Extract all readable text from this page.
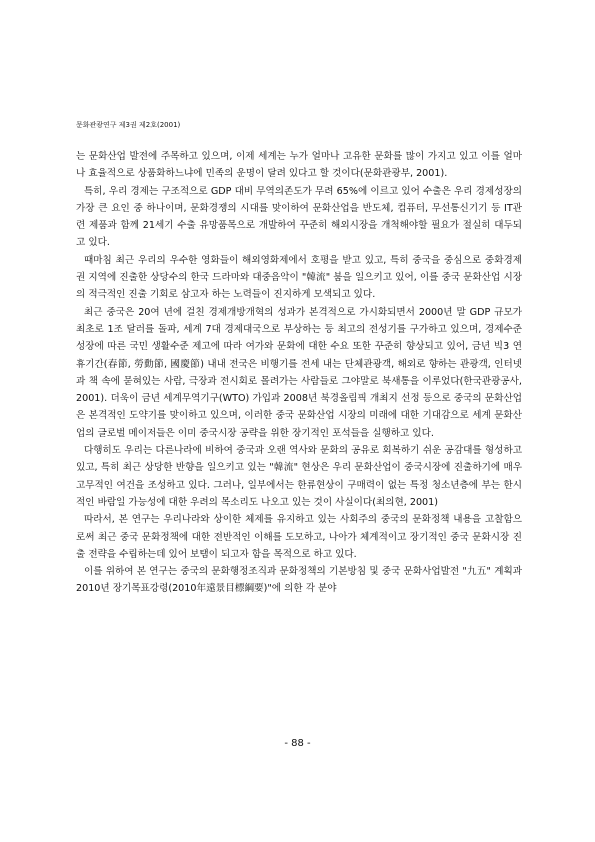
문화관광연구 제3권 제2호(2001)

는 문화산업 발전에 주목하고 있으며, 이제 세계는 누가 얼마나 고유한 문화를 많이 가지고 있고 이를 얼마나 효율적으로 상품화하느냐에 민족의 운명이 달려 있다고 할 것이다(문화관광부, 2001).

특히, 우리 경제는 구조적으로 GDP 대비 무역의존도가 무려 65%에 이르고 있어 수출은 우리 경제성장의 가장 큰 요인 중 하나이며, 문화경쟁의 시대를 맞이하여 문화산업을 반도체, 컴퓨터, 무선통신기기 등 IT관련 제품과 함께 21세기 수출 유망품목으로 개발하여 꾸준히 해외시장을 개척해야할 필요가 절실히 대두되고 있다.

때마침 최근 우리의 우수한 영화들이 해외영화제에서 호평을 받고 있고, 특히 중국을 중심으로 중화경제권 지역에 진출한 상당수의 한국 드라마와 대중음악이 "韓流" 붐을 일으키고 있어, 이를 중국 문화산업 시장의 적극적인 진출 기회로 삼고자 하는 노력들이 진지하게 모색되고 있다.

최근 중국은 20여 년에 걸친 경제개방개혁의 성과가 본격적으로 가시화되면서 2000년 말 GDP 규모가 최초로 1조 달러를 돌파, 세계 7대 경제대국으로 부상하는 등 최고의 전성기를 구가하고 있으며, 경제수준 성장에 따른 국민 생활수준 제고에 따라 여가와 문화에 대한 수요 또한 꾸준히 향상되고 있어, 금년 빅3 연휴기간(春節, 勞動節, 國慶節) 내내 전국은 비행기를 전세 내는 단체관광객, 해외로 향하는 관광객, 인터넷과 책 속에 묻혀있는 사람, 극장과 전시회로 몰려가는 사람들로 그야말로 북새통을 이루었다(한국관광공사, 2001). 더욱이 금년 세계무역기구(WTO) 가입과 2008년 북경올림픽 개최지 선정 등으로 중국의 문화산업은 본격적인 도약기를 맞이하고 있으며, 이러한 중국 문화산업 시장의 미래에 대한 기대감으로 세계 문화산업의 글로벌 메이저들은 이미 중국시장 공략을 위한 장기적인 포석들을 실행하고 있다.

다행히도 우리는 다른나라에 비하여 중국과 오랜 역사와 문화의 공유로 회복하기 쉬운 공감대를 형성하고 있고, 특히 최근 상당한 반향을 일으키고 있는 "韓流" 현상은 우리 문화산업이 중국시장에 진출하기에 매우 고무적인 여건을 조성하고 있다. 그러나, 일부에서는 한류현상이 구매력이 없는 특정 청소년층에 부는 한시적인 바람일 가능성에 대한 우려의 목소리도 나오고 있는 것이 사실이다(최의현, 2001)

따라서, 본 연구는 우리나라와 상이한 체제를 유지하고 있는 사회주의 중국의 문화정책 내용을 고찰함으로써 최근 중국 문화정책에 대한 전반적인 이해를 도모하고, 나아가 체계적이고 장기적인 중국 문화시장 진출 전략을 수립하는데 있어 보탬이 되고자 함을 목적으로 하고 있다.

이를 위하여 본 연구는 중국의 문화행정조직과 문화정책의 기본방침 및 중국 문화사업발전 "九五" 계획과 2010년 장기목표강령(2010年遠景目標綱要)"에 의한 각 분야

- 88 -
